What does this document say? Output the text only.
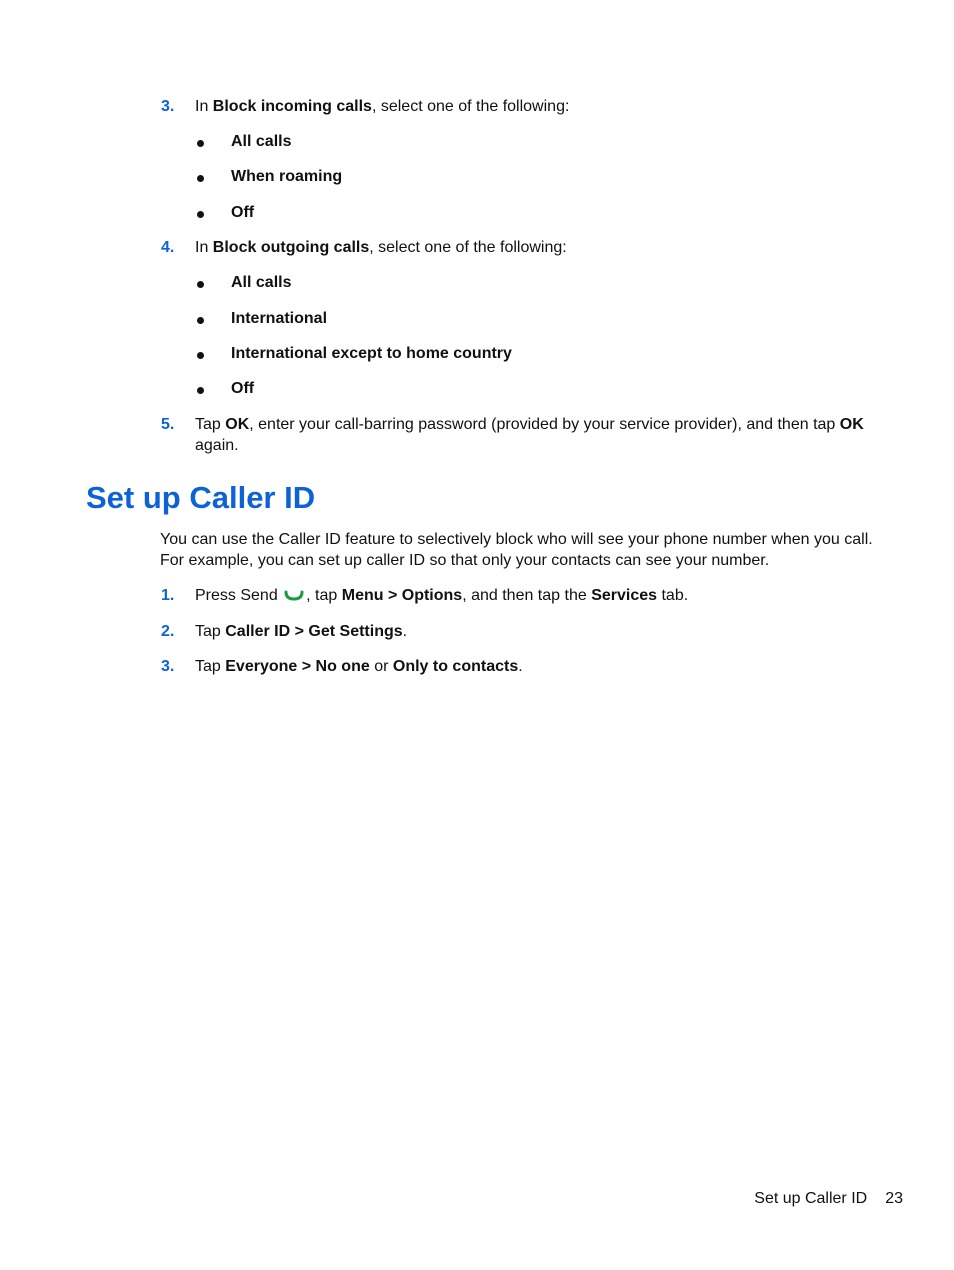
3. In Block incoming calls, select one of the following:
All calls
When roaming
Off
4. In Block outgoing calls, select one of the following:
All calls
International
International except to home country
Off
5. Tap OK, enter your call-barring password (provided by your service provider), and then tap OK again.
Set up Caller ID
You can use the Caller ID feature to selectively block who will see your phone number when you call. For example, you can set up caller ID so that only your contacts can see your number.
1. Press Send , tap Menu > Options, and then tap the Services tab.
2. Tap Caller ID > Get Settings.
3. Tap Everyone > No one or Only to contacts.
Set up Caller ID 23
